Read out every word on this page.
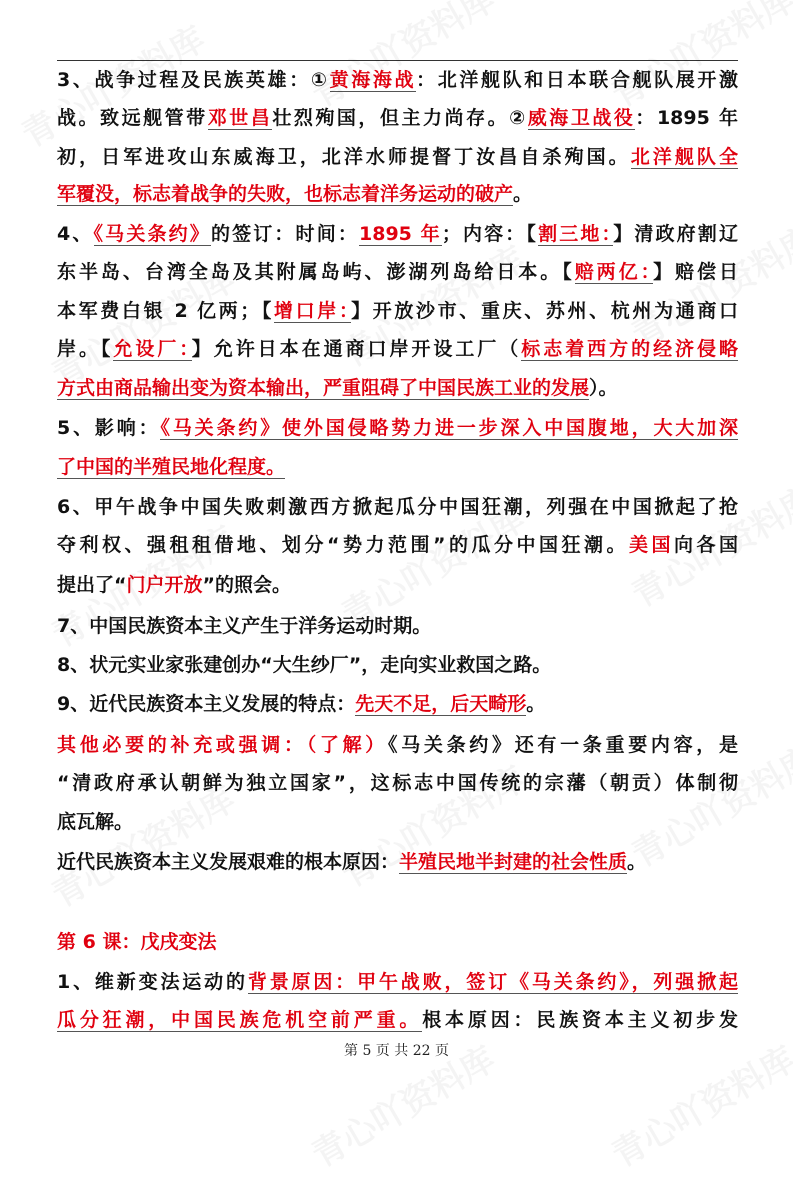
3、战争过程及民族英雄：①黄海海战：北洋舰队和日本联合舰队展开激
战。致远舰管带邓世昌壮烈殉国，但主力尚存。②威海卫战役：1895 年
初，日军进攻山东威海卫，北洋水师提督丁汝昌自杀殉国。北洋舰队全
军覆没，标志着战争的失败，也标志着洋务运动的破产。
4、《马关条约》的签订：时间：1895 年；内容：【割三地：】清政府割辽
东半岛、台湾全岛及其附属岛屿、澎湖列岛给日本。【赔两亿：】赔偿日
本军费白银 2 亿两；【增口岸：】开放沙市、重庆、苏州、杭州为通商口
岸。【允设厂：】允许日本在通商口岸开设工厂（标志着西方的经济侵略
方式由商品输出变为资本输出，严重阻碍了中国民族工业的发展）。
5、影响：《马关条约》使外国侵略势力进一步深入中国腹地，大大加深
了中国的半殖民地化程度。
6、甲午战争中国失败刺激西方掀起瓜分中国狂潮，列强在中国掀起了抢
夺利权、强租租借地、划分“势力范围”的瓜分中国狂潮。美国向各国
提出了“门户开放”的照会。
7、中国民族资本主义产生于洋务运动时期。
8、状元实业家张建创办“大生纱厂”，走向实业救国之路。
9、近代民族资本主义发展的特点：先天不足，后天畸形。
其他必要的补充或强调：（了解）《马关条约》还有一条重要内容，是
“清政府承认朝鲜为独立国家”，这标志中国传统的宗藩（朝贡）体制彻
底瓦解。
近代民族资本主义发展艰难的根本原因：半殖民地半封建的社会性质。
第 6 课：戊戌变法
1、维新变法运动的背景原因：甲午战败，签订《马关条约》，列强掀起
瓜分狂潮，中国民族危机空前严重。根本原因：民族资本主义初步发
第 5 页 共 22 页
